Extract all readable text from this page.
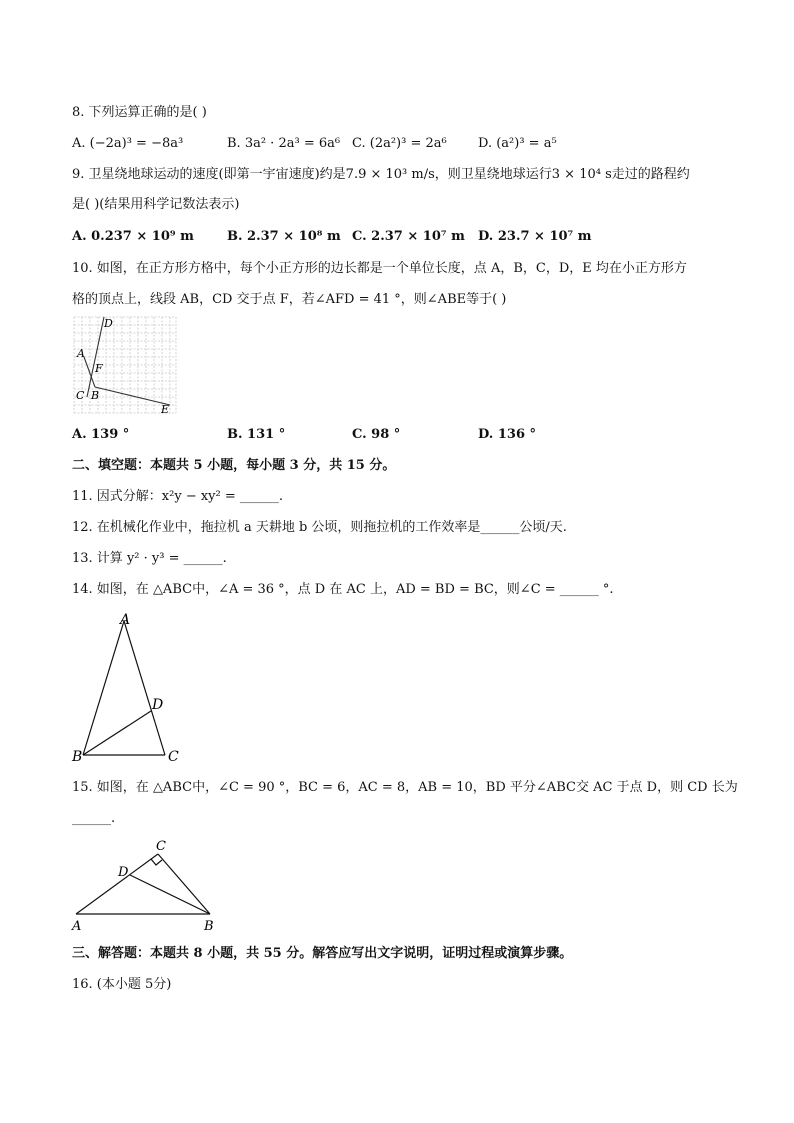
8. 下列运算正确的是( )
A. (−2a)³ = −8a³	B. 3a² · 2a³ = 6a⁶ C. (2a²)³ = 2a⁶ D. (a²)³ = a⁵
9. 卫星绕地球运动的速度(即第一宇宙速度)约是7.9 × 10³ m/s，则卫星绕地球运行3 × 10⁴ s走过的路程约
是( )(结果用科学记数法表示)
A. 0.237 × 10⁹ m	B. 2.37 × 10⁸ m C. 2.37 × 10⁷ m D. 23.7 × 10⁷ m
10. 如图，在正方形方格中，每个小正方形的边长都是一个单位长度，点 A，B，C，D，E 均在小正方形方
格的顶点上，线段 AB，CD 交于点 F，若∠AFD = 41 °，则∠ABE等于( )
D
A
F
C B
E
A. 139 °	B. 131 °	C. 98 °	D. 136 °
二、填空题：本题共 5 小题，每小题 3 分，共 15 分。
11. 因式分解：x²y − xy² = ______.
12. 在机械化作业中，拖拉机 a 天耕地 b 公顷，则拖拉机的工作效率是______公顷/天.
13. 计算 y² · y³ = ______.
14. 如图，在 △ABC中，∠A = 36 °，点 D 在 AC 上，AD = BD = BC，则∠C = ______ °.
A
D
B	C
15. 如图，在 △ABC中，∠C = 90 °，BC = 6，AC = 8，AB = 10，BD 平分∠ABC交 AC 于点 D，则 CD 长为
______.
C
D
A	B
三、解答题：本题共 8 小题，共 55 分。解答应写出文字说明，证明过程或演算步骤。
16. (本小题 5分)
